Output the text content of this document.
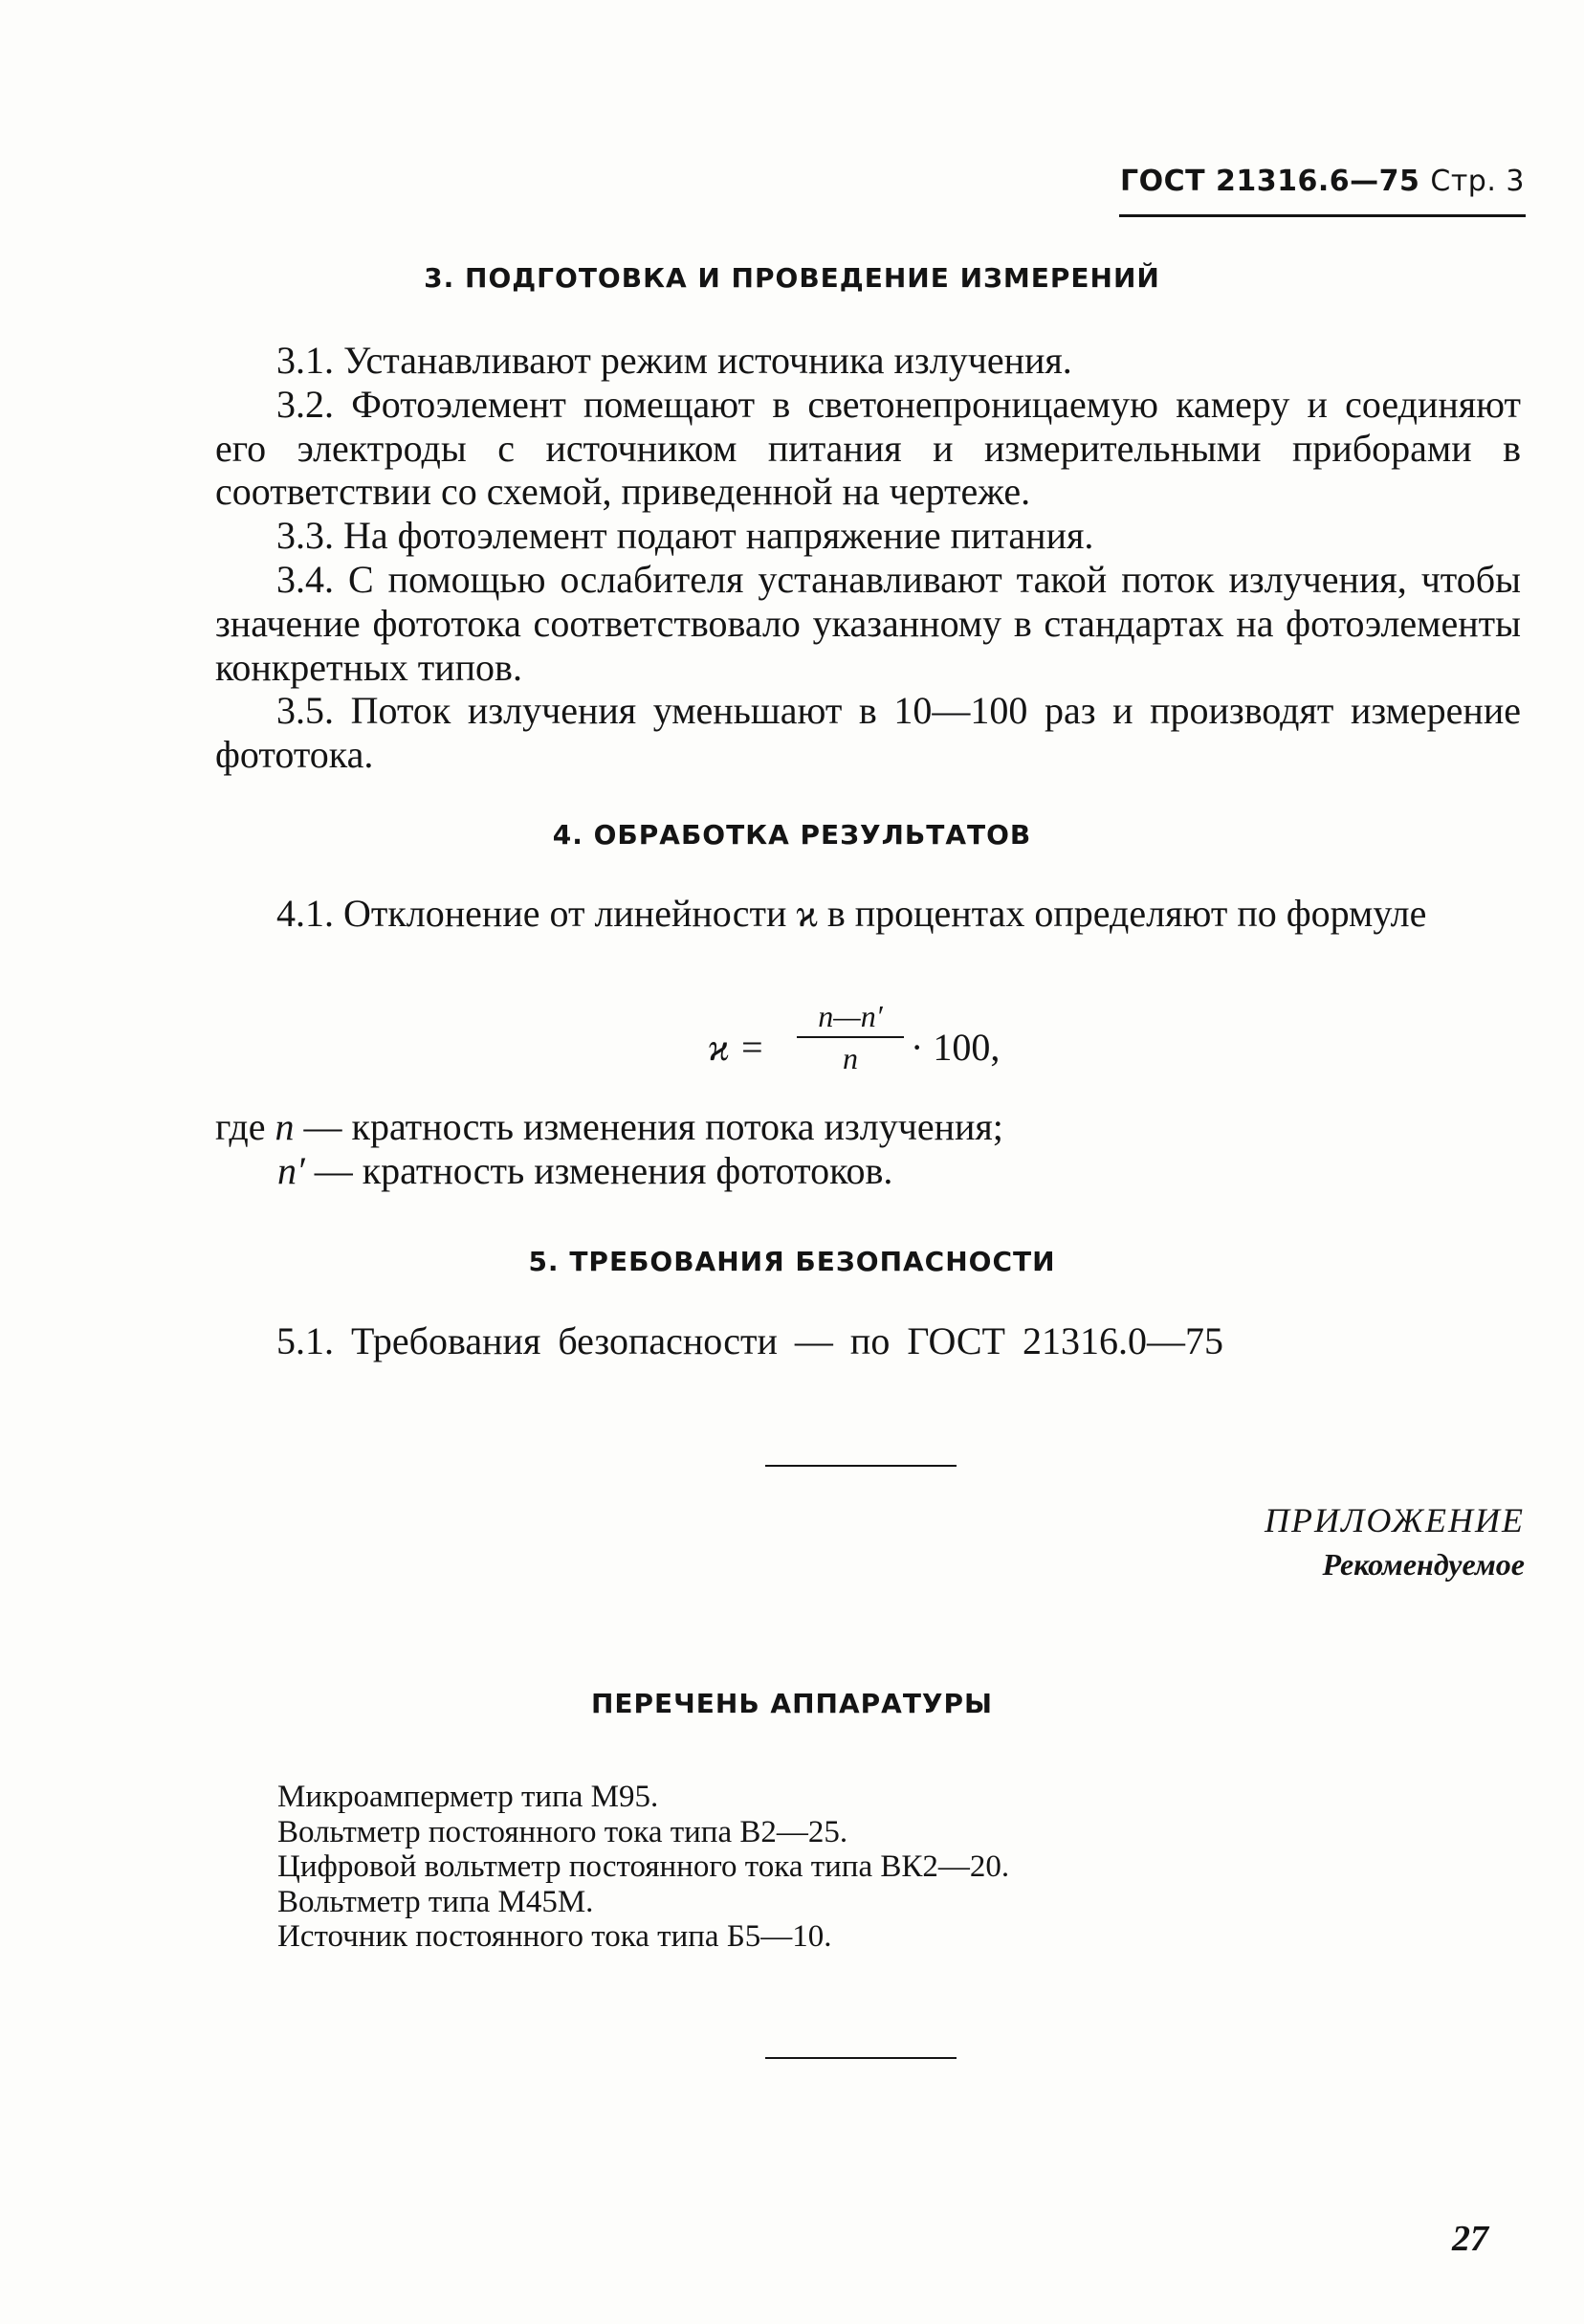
ГОСТ 21316.6—75 Стр. 3
3. ПОДГОТОВКА И ПРОВЕДЕНИЕ ИЗМЕРЕНИЙ

3.1. Устанавливают режим источника излучения.

3.2. Фотоэлемент помещают в светонепроницаемую камеру и соединяют его электроды с источником питания и измерительными приборами в соответствии со схемой, приведенной на чертеже.

3.3. На фотоэлемент подают напряжение питания.

3.4. С помощью ослабителя устанавливают такой поток излучения, чтобы значение фототока соответствовало указанному в стандартах на фотоэлементы конкретных типов.

3.5. Поток излучения уменьшают в 10—100 раз и производят измерение фототока.

4. ОБРАБОТКА РЕЗУЛЬТАТОВ

4.1. Отклонение от линейности ϰ в процентах определяют по формуле

ϰ =
n—n′
n	· 100,
где n — кратность изменения потока излучения;
n′ — кратность изменения фототоков.
5. ТРЕБОВАНИЯ БЕЗОПАСНОСТИ
5.1. Требования безопасности — по ГОСТ 21316.0—75
ПРИЛОЖЕНИЕ
Рекомендуемое
ПЕРЕЧЕНЬ АППАРАТУРЫ
Микроамперметр типа М95.
Вольтметр постоянного тока типа В2—25.
Цифровой вольтметр постоянного тока типа ВК2—20.
Вольтметр типа М45М.
Источник постоянного тока типа Б5—10.
27
